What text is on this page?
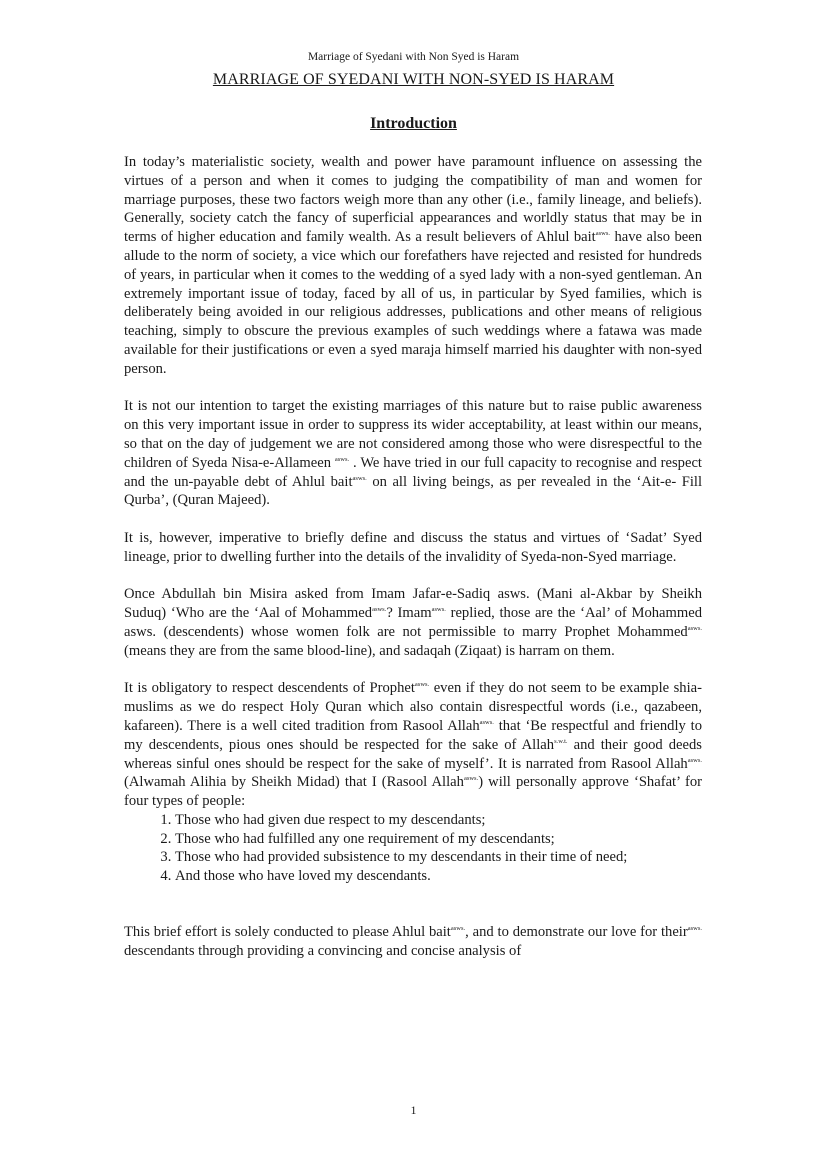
Marriage of Syedani with Non Syed is Haram
MARRIAGE OF SYEDANI WITH NON-SYED IS HARAM
Introduction

In today’s materialistic society, wealth and power have paramount influence on assessing the virtues of a person and when it comes to judging the compatibility of man and women for marriage purposes, these two factors weigh more than any other (i.e., family lineage, and beliefs). Generally, society catch the fancy of superficial appearances and worldly status that may be in terms of higher education and family wealth. As a result believers of Ahlul bait$^{asws.}$ have also been allude to the norm of society, a vice which our forefathers have rejected and resisted for hundreds of years, in particular when it comes to the wedding of a syed lady with a non-syed gentleman. An extremely important issue of today, faced by all of us, in particular by Syed families, which is deliberately being avoided in our religious addresses, publications and other means of religious teaching, simply to obscure the previous examples of such weddings where a fatawa was made available for their justifications or even a syed maraja himself married his daughter with non-syed person.

It is not our intention to target the existing marriages of this nature but to raise public awareness on this very important issue in order to suppress its wider acceptability, at least within our means, so that on the day of judgement we are not considered among those who were disrespectful to the children of Syeda Nisa-e-Allameen $^{asws.}$ . We have tried in our full capacity to recognise and respect and the un-payable debt of Ahlul bait$^{asws.}$ on all living beings, as per revealed in the ‘Ait-e- Fill Qurba’, (Quran Majeed).

It is, however, imperative to briefly define and discuss the status and virtues of ‘Sadat’ Syed lineage, prior to dwelling further into the details of the invalidity of Syeda-non-Syed marriage.

Once Abdullah bin Misira asked from Imam Jafar-e-Sadiq asws. (Mani al-Akbar by Sheikh Suduq) ‘Who are the ‘Aal of Mohammed$^{asws.}$? Imam$^{asws.}$ replied, those are the ‘Aal’ of Mohammed asws. (descendents) whose women folk are not permissible to marry Prophet Mohammed$^{asws.}$ (means they are from the same blood-line), and sadaqah (Ziqaat) is harram on them.

It is obligatory to respect descendents of Prophet$^{asws.}$ even if they do not seem to be example shia-muslims as we do respect Holy Quran which also contain disrespectful words (i.e., qazabeen, kafareen). There is a well cited tradition from Rasool Allah$^{asws.}$ that ‘Be respectful and friendly to my descendents, pious ones should be respected for the sake of Allah$^{s.w.t.}$ and their good deeds whereas sinful ones should be respect for the sake of myself’. It is narrated from Rasool Allah$^{asws.}$ (Alwamah Alihia by Sheikh Midad) that I (Rasool Allah$^{asws.}$) will personally approve ‘Shafat’ for four types of people:

1. Those who had given due respect to my descendants;
2. Those who had fulfilled any one requirement of my descendants;
3. Those who had provided subsistence to my descendants in their time of need;
4. And those who have loved my descendants.

This brief effort is solely conducted to please Ahlul bait$^{asws.}$, and to demonstrate our love for their$^{asws.}$ descendants through providing a convincing and concise analysis of

1
